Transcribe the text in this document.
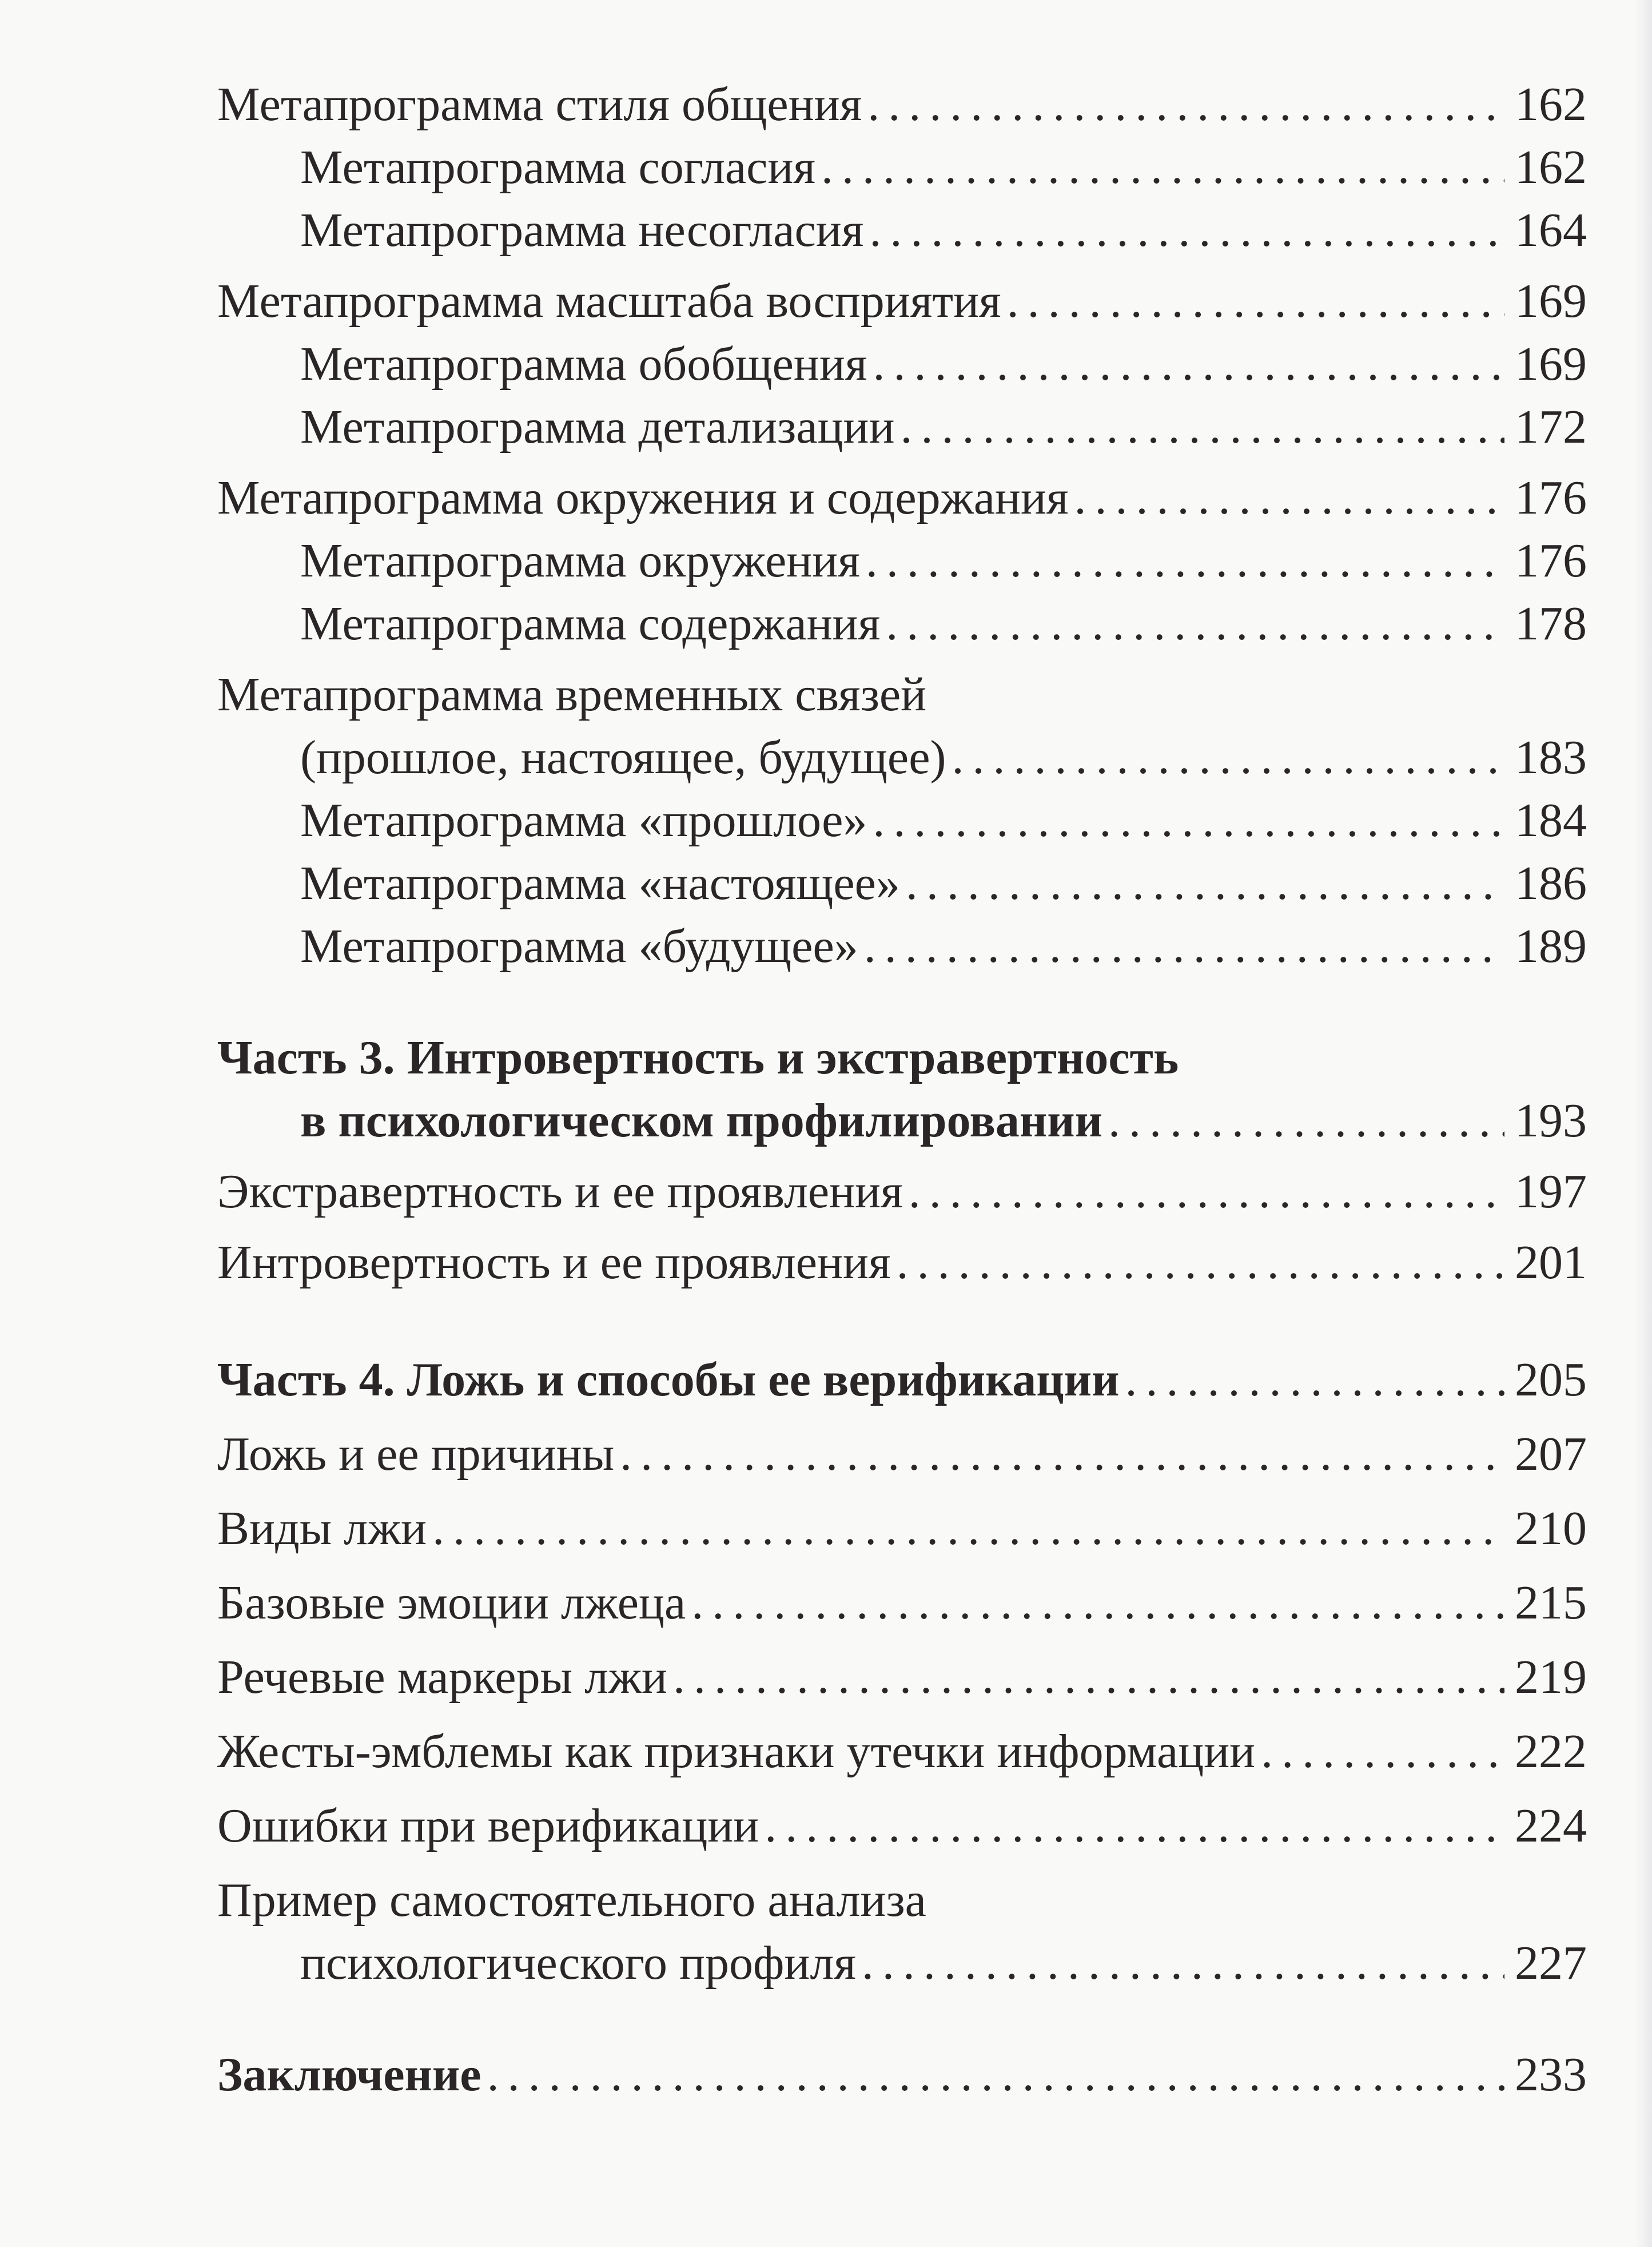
Метапрограмма стиля общения . . .	162
Метапрограмма согласия . . .	162
Метапрограмма несогласия . . .	164
Метапрограмма масштаба восприятия . . .	169
Метапрограмма обобщения . . .	169
Метапрограмма детализации . . .	172
Метапрограмма окружения и содержания . . .	176
Метапрограмма окружения . . .	176
Метапрограмма содержания . . .	178
Метапрограмма временных связей
(прошлое, настоящее, будущее) . . .	183
Метапрограмма «прошлое» . . .	184
Метапрограмма «настоящее» . . .	186
Метапрограмма «будущее» . . .	189
Часть 3. Интровертность и экстравертность
в психологическом профилировании . . .	193
Экстравертность и ее проявления . . .	197
Интровертность и ее проявления . . .	201
Часть 4. Ложь и способы ее верификации . . .	205
Ложь и ее причины . . .	207
Виды лжи . . .	210
Базовые эмоции лжеца . . .	215
Речевые маркеры лжи . . .	219
Жесты-эмблемы как признаки утечки информации . . .	222
Ошибки при верификации . . .	224
Пример самостоятельного анализа
психологического профиля . . .	227
Заключение . . .	233
